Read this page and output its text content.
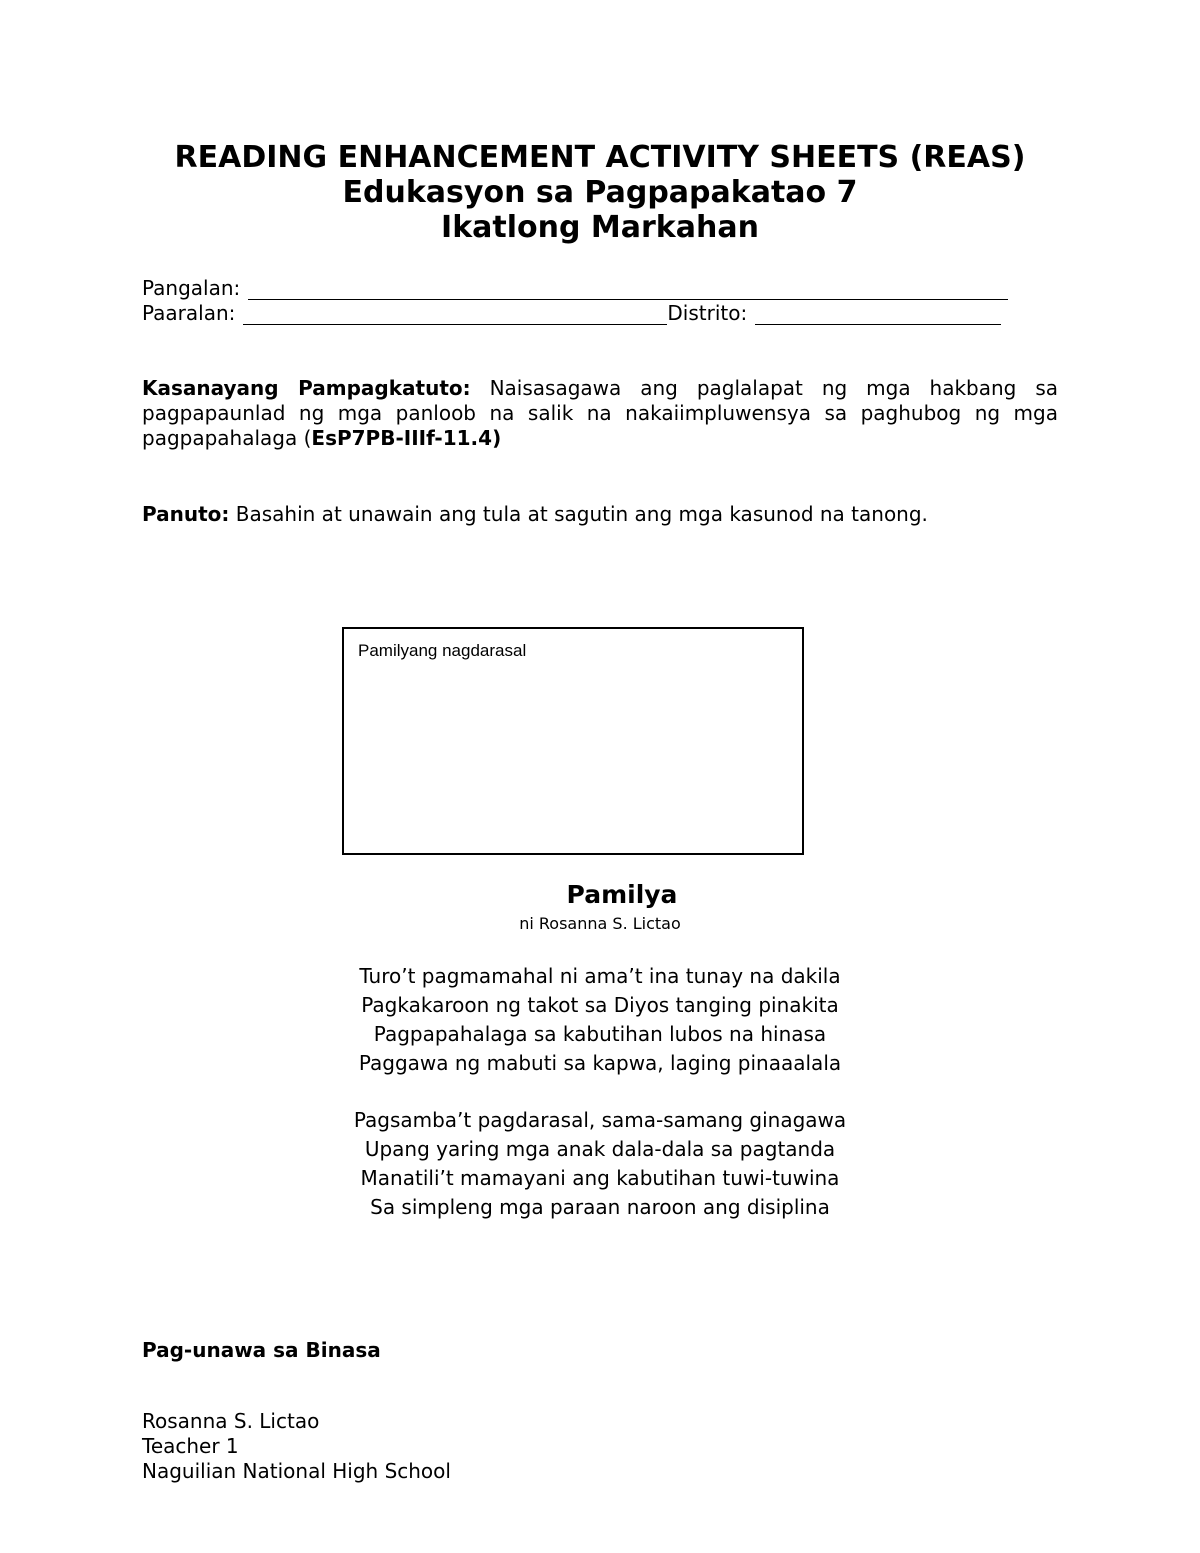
READING ENHANCEMENT ACTIVITY SHEETS (REAS)
Edukasyon sa Pagpapakatao 7
Ikatlong Markahan
Pangalan:
Paaralan:	Distrito:
Kasanayang Pampagkatuto: Naisasagawa ang paglalapat ng mga hakbang sa pagpapaunlad ng mga panloob na salik na nakaiimpluwensya sa paghubog ng mga pagpapahalaga (EsP7PB-IIIf-11.4)
Panuto: Basahin at unawain ang tula at sagutin ang mga kasunod na tanong.
Pamilyang nagdarasal
Pamilya
ni Rosanna S. Lictao
Turo’t pagmamahal ni ama’t ina tunay na dakila
Pagkakaroon ng takot sa Diyos tanging pinakita
Pagpapahalaga sa kabutihan lubos na hinasa
Paggawa ng mabuti sa kapwa, laging pinaaalala
Pagsamba’t pagdarasal, sama-samang ginagawa
Upang yaring mga anak dala-dala sa pagtanda
Manatili’t mamayani ang kabutihan tuwi-tuwina
Sa simpleng mga paraan naroon ang disiplina
Pag-unawa sa Binasa
Rosanna S. Lictao
Teacher 1
Naguilian National High School
